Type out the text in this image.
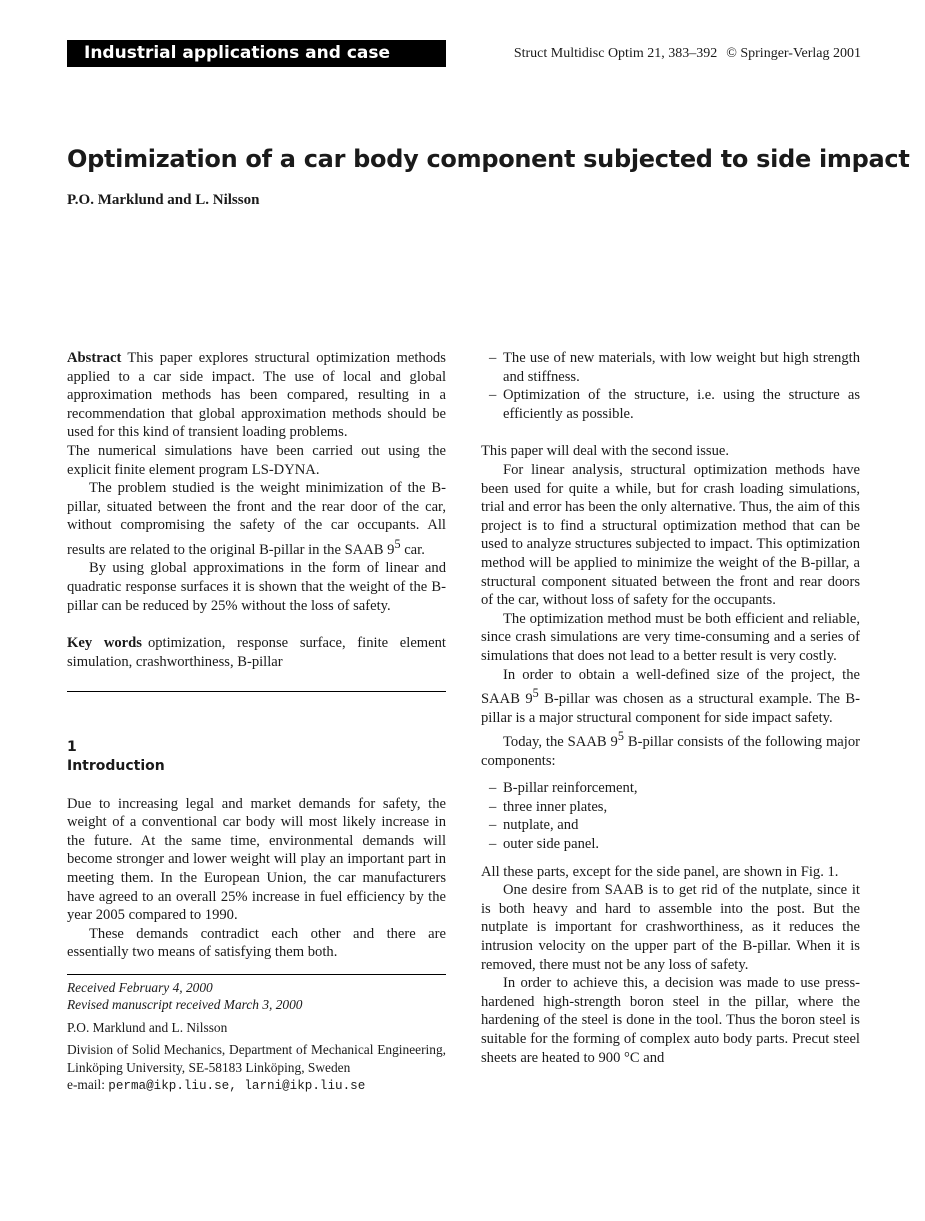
Industrial applications and case studies
Struct Multidisc Optim 21, 383–392 © Springer-Verlag 2001
Optimization of a car body component subjected to side impact
P.O. Marklund and L. Nilsson

Abstract This paper explores structural optimization methods applied to a car side impact. The use of local and global approximation methods has been compared, resulting in a recommendation that global approximation methods should be used for this kind of transient loading problems.

The numerical simulations have been carried out using the explicit finite element program LS-DYNA.

The problem studied is the weight minimization of the B-pillar, situated between the front and the rear door of the car, without compromising the safety of the car occupants. All results are related to the original B-pillar in the SAAB $9^5$ car.

By using global approximations in the form of linear and quadratic response surfaces it is shown that the weight of the B-pillar can be reduced by 25% without the loss of safety.

Key words optimization, response surface, finite element simulation, crashworthiness, B-pillar

1
Introduction

Due to increasing legal and market demands for safety, the weight of a conventional car body will most likely increase in the future. At the same time, environmental demands will become stronger and lower weight will play an important part in meeting them. In the European Union, the car manufacturers have agreed to an overall 25% increase in fuel efficiency by the year 2005 compared to 1990.

These demands contradict each other and there are essentially two means of satisfying them both.

Received February 4, 2000
Revised manuscript received March 3, 2000
P.O. Marklund and L. Nilsson
Division of Solid Mechanics, Department of Mechanical Engineering, Linköping University, SE-58183 Linköping, Sweden
e-mail: perma@ikp.liu.se, larni@ikp.liu.se
– The use of new materials, with low weight but high strength and stiffness.
– Optimization of the structure, i.e. using the structure as efficiently as possible.

This paper will deal with the second issue.

For linear analysis, structural optimization methods have been used for quite a while, but for crash loading simulations, trial and error has been the only alternative. Thus, the aim of this project is to find a structural optimization method that can be used to analyze structures subjected to impact. This optimization method will be applied to minimize the weight of the B-pillar, a structural component situated between the front and rear doors of the car, without loss of safety for the occupants.

The optimization method must be both efficient and reliable, since crash simulations are very time-consuming and a series of simulations that does not lead to a better result is very costly.

In order to obtain a well-defined size of the project, the SAAB $9^5$ B-pillar was chosen as a structural example. The B-pillar is a major structural component for side impact safety.

Today, the SAAB $9^5$ B-pillar consists of the following major components:

– B-pillar reinforcement,
– three inner plates,
– nutplate, and
– outer side panel.

All these parts, except for the side panel, are shown in Fig. 1.

One desire from SAAB is to get rid of the nutplate, since it is both heavy and hard to assemble into the post. But the nutplate is important for crashworthiness, as it reduces the intrusion velocity on the upper part of the B-pillar. When it is removed, there must not be any loss of safety.

In order to achieve this, a decision was made to use press-hardened high-strength boron steel in the pillar, where the hardening of the steel is done in the tool. Thus the boron steel is suitable for the forming of complex auto body parts. Precut steel sheets are heated to 900 °C and
